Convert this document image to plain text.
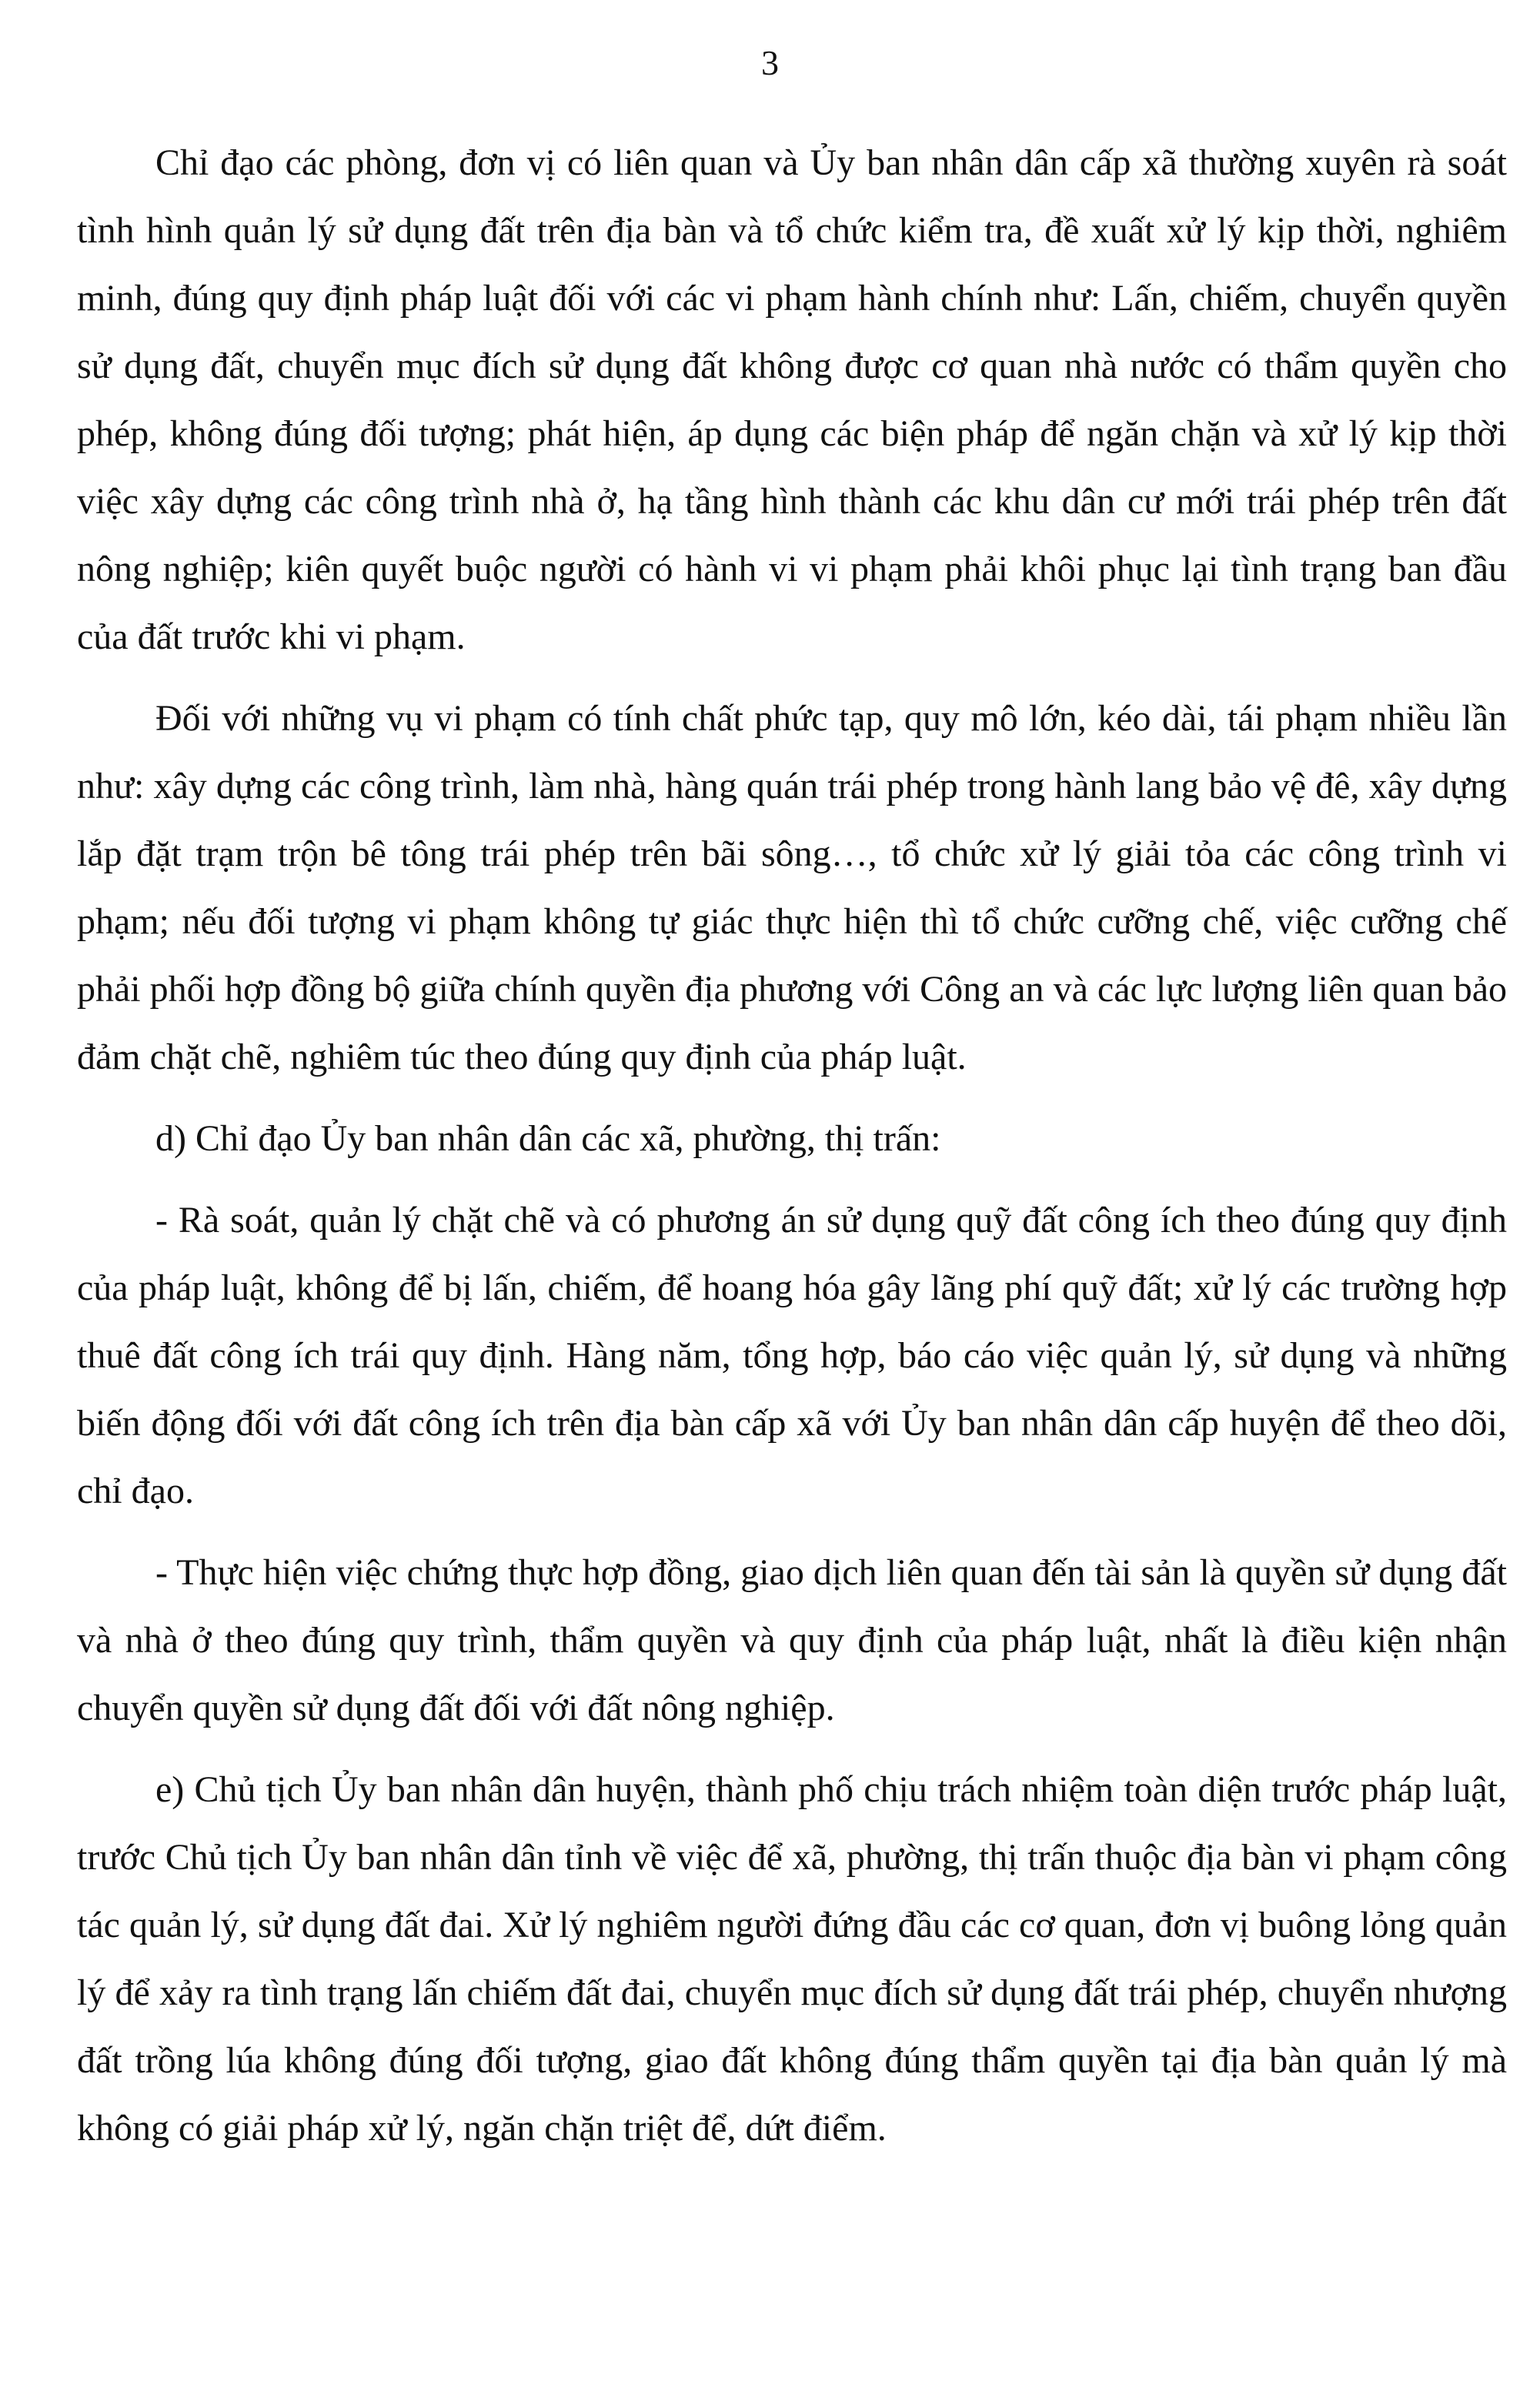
3

Chỉ đạo các phòng, đơn vị có liên quan và Ủy ban nhân dân cấp xã thường xuyên rà soát tình hình quản lý sử dụng đất trên địa bàn và tổ chức kiểm tra, đề xuất xử lý kịp thời, nghiêm minh, đúng quy định pháp luật đối với các vi phạm hành chính như: Lấn, chiếm, chuyển quyền sử dụng đất, chuyển mục đích sử dụng đất không được cơ quan nhà nước có thẩm quyền cho phép, không đúng đối tượng; phát hiện, áp dụng các biện pháp để ngăn chặn và xử lý kịp thời việc xây dựng các công trình nhà ở, hạ tầng hình thành các khu dân cư mới trái phép trên đất nông nghiệp; kiên quyết buộc người có hành vi vi phạm phải khôi phục lại tình trạng ban đầu của đất trước khi vi phạm.

Đối với những vụ vi phạm có tính chất phức tạp, quy mô lớn, kéo dài, tái phạm nhiều lần như: xây dựng các công trình, làm nhà, hàng quán trái phép trong hành lang bảo vệ đê, xây dựng lắp đặt trạm trộn bê tông trái phép trên bãi sông…, tổ chức xử lý giải tỏa các công trình vi phạm; nếu đối tượng vi phạm không tự giác thực hiện thì tổ chức cưỡng chế, việc cưỡng chế phải phối hợp đồng bộ giữa chính quyền địa phương với Công an và các lực lượng liên quan bảo đảm chặt chẽ, nghiêm túc theo đúng quy định của pháp luật.

d) Chỉ đạo Ủy ban nhân dân các xã, phường, thị trấn:

- Rà soát, quản lý chặt chẽ và có phương án sử dụng quỹ đất công ích theo đúng quy định của pháp luật, không để bị lấn, chiếm, để hoang hóa gây lãng phí quỹ đất; xử lý các trường hợp thuê đất công ích trái quy định. Hàng năm, tổng hợp, báo cáo việc quản lý, sử dụng và những biến động đối với đất công ích trên địa bàn cấp xã với Ủy ban nhân dân cấp huyện để theo dõi, chỉ đạo.

- Thực hiện việc chứng thực hợp đồng, giao dịch liên quan đến tài sản là quyền sử dụng đất và nhà ở theo đúng quy trình, thẩm quyền và quy định của pháp luật, nhất là điều kiện nhận chuyển quyền sử dụng đất đối với đất nông nghiệp.

e) Chủ tịch Ủy ban nhân dân huyện, thành phố chịu trách nhiệm toàn diện trước pháp luật, trước Chủ tịch Ủy ban nhân dân tỉnh về việc để xã, phường, thị trấn thuộc địa bàn vi phạm công tác quản lý, sử dụng đất đai. Xử lý nghiêm người đứng đầu các cơ quan, đơn vị buông lỏng quản lý để xảy ra tình trạng lấn chiếm đất đai, chuyển mục đích sử dụng đất trái phép, chuyển nhượng đất trồng lúa không đúng đối tượng, giao đất không đúng thẩm quyền tại địa bàn quản lý mà không có giải pháp xử lý, ngăn chặn triệt để, dứt điểm.
